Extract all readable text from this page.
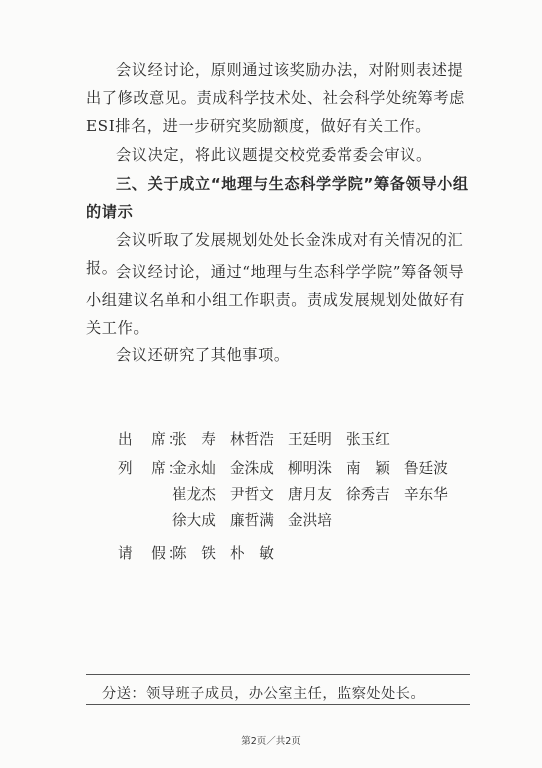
会议经讨论，原则通过该奖励办法，对附则表述提出了修改意见。责成科学技术处、社会科学处统筹考虑ESI排名，进一步研究奖励额度，做好有关工作。

会议决定，将此议题提交校党委常委会审议。

三、关于成立“地理与生态科学学院”筹备领导小组的请示

会议听取了发展规划处处长金洙成对有关情况的汇报。

会议经讨论，通过“地理与生态科学学院”筹备领导小组建议名单和小组工作职责。责成发展规划处做好有关工作。

会议还研究了其他事项。

出　席：
张　寿 林哲浩 王廷明 张玉红
列　席：
金永灿 金洙成 柳明洙 南　颖 鲁廷波
崔龙杰 尹哲文 唐月友 徐秀吉 辛东华
徐大成 廉哲满 金洪培
请　假：
陈　铁 朴　敏
分送：领导班子成员，办公室主任，监察处处长。
第2页／共2页
